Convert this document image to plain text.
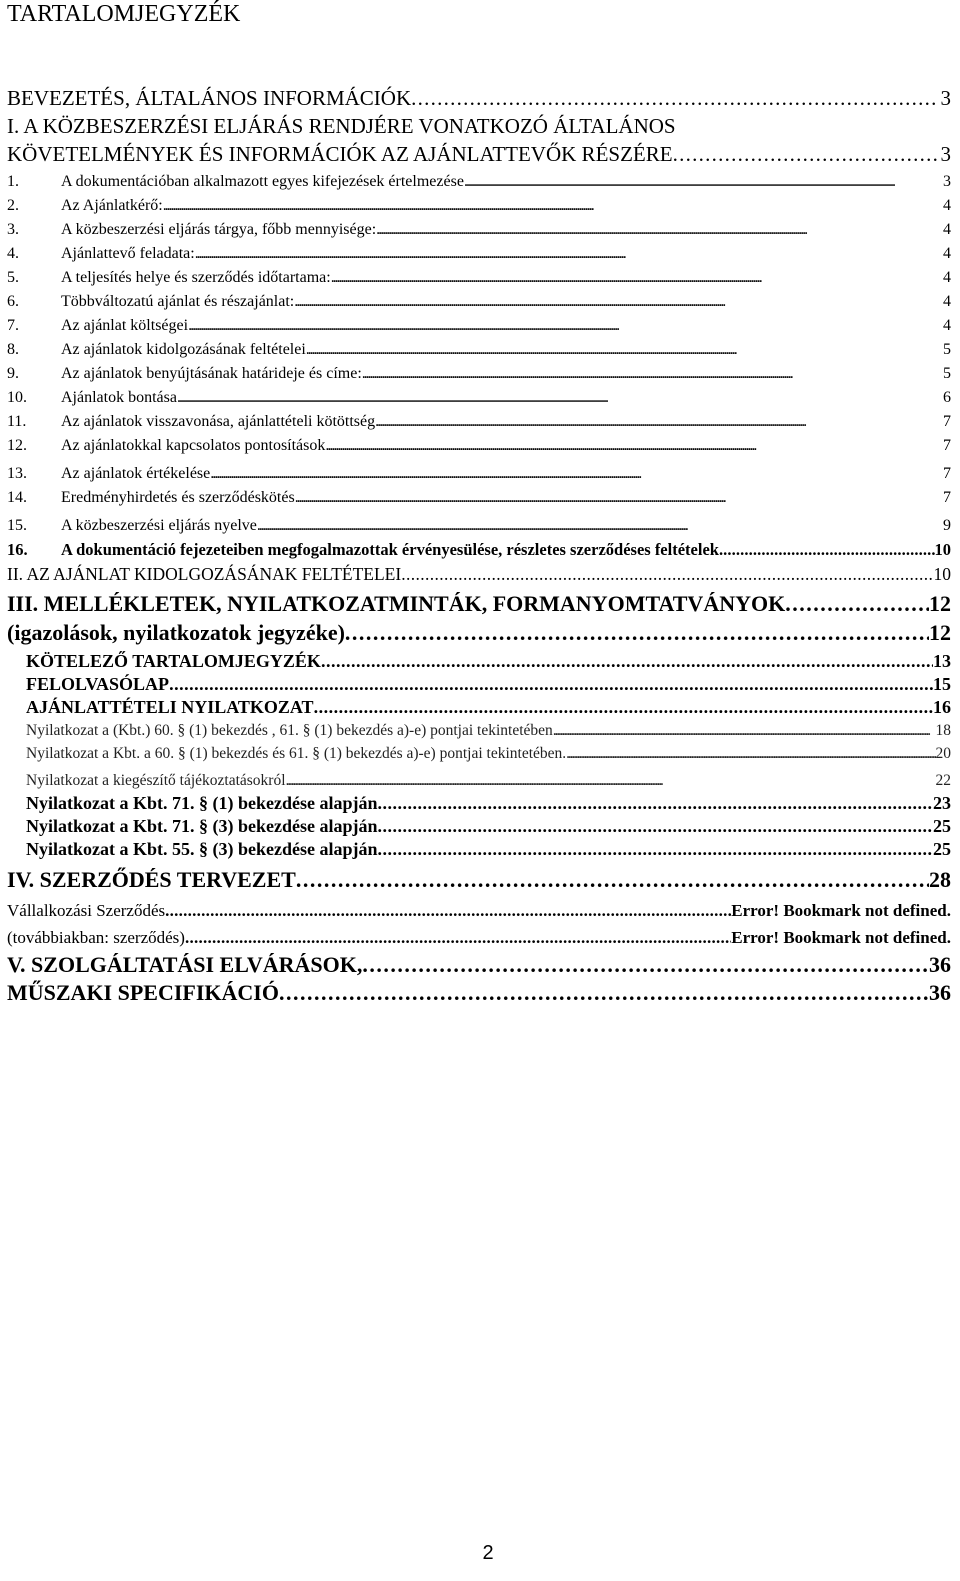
TARTALOMJEGYZÉK
BEVEZETÉS, ÁLTALÁNOS INFORMÁCIÓK . . .	3
I. A KÖZBESZERZÉSI ELJÁRÁS RENDJÉRE VONATKOZÓ ÁLTALÁNOS
KÖVETELMÉNYEK ÉS INFORMÁCIÓK AZ AJÁNLATTEVŐK RÉSZÉRE . . .	3
1.	A dokumentációban alkalmazott egyes kifejezések értelmezése . . .	3
2.	Az Ajánlatkérő: . . .	4
3.	A közbeszerzési eljárás tárgya, főbb mennyisége: . . .	4
4.	Ajánlattevő feladata: . . .	4
5.	A teljesítés helye és szerződés időtartama: . . .	4
6.	Többváltozatú ajánlat és részajánlat: . . .	4
7.	Az ajánlat költségei . . .	4
8.	Az ajánlatok kidolgozásának feltételei . . .	5
9.	Az ajánlatok benyújtásának határideje és címe: . . .	5
10.	Ajánlatok bontása . . .	6
11.	Az ajánlatok visszavonása, ajánlattételi kötöttség . . .	7
12.	Az ajánlatokkal kapcsolatos pontosítások . . .	7
13.	Az ajánlatok értékelése . . .	7
14.	Eredményhirdetés és szerződéskötés . . .	7
15.	A közbeszerzési eljárás nyelve . . .	9
16.	A dokumentáció fejezeteiben megfogalmazottak érvényesülése, részletes szerződéses feltételek. . . .	10
II. AZ AJÁNLAT KIDOLGOZÁSÁNAK FELTÉTELEI . . .	10
III. MELLÉKLETEK, NYILATKOZATMINTÁK, FORMANYOMTATVÁNYOK . . .	12
(igazolások, nyilatkozatok jegyzéke) . . .	12
KÖTELEZŐ TARTALOMJEGYZÉK . . .	13
FELOLVASÓLAP . . .	15
AJÁNLATTÉTELI NYILATKOZAT . . .	16
Nyilatkozat a (Kbt.) 60. § (1) bekezdés , 61. § (1) bekezdés a)-e) pontjai tekintetében . . .	18
Nyilatkozat a Kbt. a 60. § (1) bekezdés és 61. § (1) bekezdés a)-e) pontjai tekintetében. . . .	20
Nyilatkozat a kiegészítő tájékoztatásokról . . .	22
Nyilatkozat a Kbt. 71. § (1) bekezdése alapján . . .	23
Nyilatkozat a Kbt. 71. § (3) bekezdése alapján . . .	25
Nyilatkozat a Kbt. 55. § (3) bekezdése alapján . . .	25
IV. SZERZŐDÉS TERVEZET . . .	28
Vállalkozási Szerződés . . .	Error! Bookmark not defined.
(továbbiakban: szerződés) . . .	Error! Bookmark not defined.
V. SZOLGÁLTATÁSI ELVÁRÁSOK, . . .	36
MŰSZAKI SPECIFIKÁCIÓ . . .	36
2
